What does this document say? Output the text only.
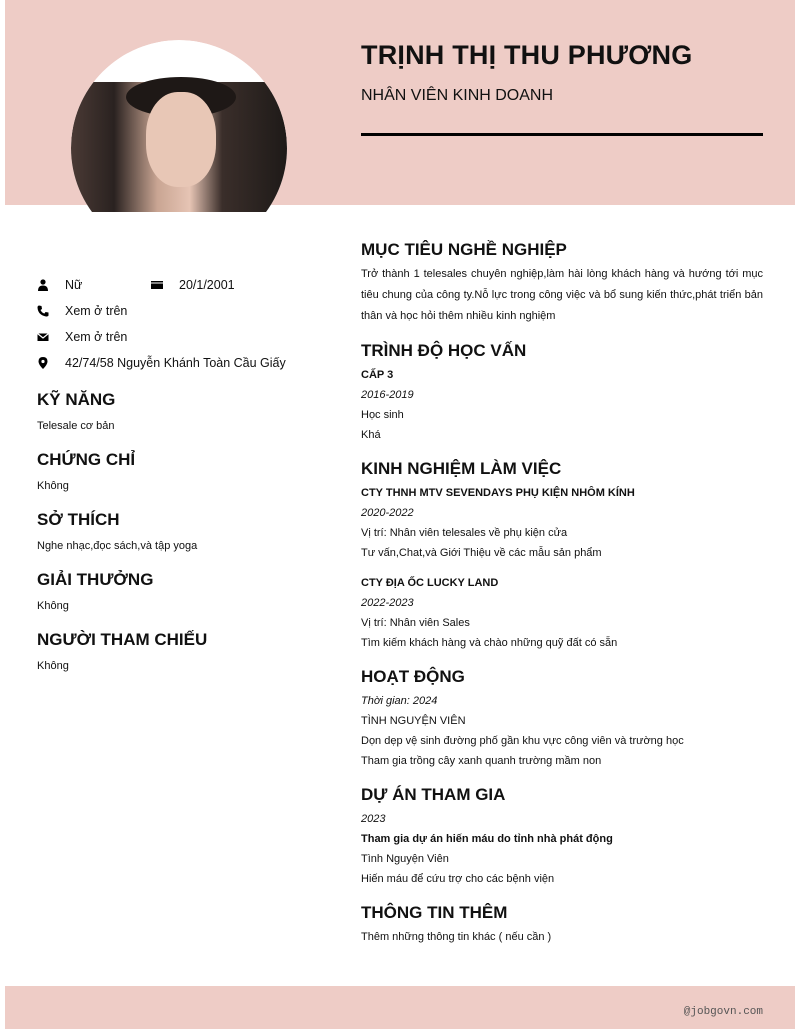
TRỊNH THỊ THU PHƯƠNG
NHÂN VIÊN KINH DOANH
Nữ	20/1/2001
Xem ở trên
Xem ở trên
42/74/58 Nguyễn Khánh Toàn Cầu Giấy
KỸ NĂNG
Telesale cơ bản
CHỨNG CHỈ
Không
SỞ THÍCH
Nghe nhạc,đọc sách,và tập yoga
GIẢI THƯỞNG
Không
NGƯỜI THAM CHIẾU
Không
MỤC TIÊU NGHỀ NGHIỆP
Trở thành 1 telesales chuyên nghiệp,làm hài lòng khách hàng và hướng tới mục tiêu chung của công ty.Nỗ lực trong công việc và bổ sung kiến thức,phát triển bản thân và học hỏi thêm nhiều kinh nghiệm
TRÌNH ĐỘ HỌC VẤN
CẤP 3
2016-2019
Học sinh
Khá
KINH NGHIỆM LÀM VIỆC
CTY THNH MTV SEVENDAYS PHỤ KIỆN NHÔM KÍNH
2020-2022
Vị trí: Nhân viên telesales về phụ kiện cửa
Tư vấn,Chat,và Giới Thiệu về các mẫu sản phẩm
CTY ĐỊA ỐC LUCKY LAND
2022-2023
Vị trí: Nhân viên Sales
Tìm kiếm khách hàng và chào những quỹ đất có sẵn
HOẠT ĐỘNG
Thời gian: 2024
TÌNH NGUYỆN VIÊN
Dọn dẹp vệ sinh đường phố gần khu vực công viên và trường học
Tham gia trồng cây xanh quanh trường mầm non
DỰ ÁN THAM GIA
2023
Tham gia dự án hiến máu do tỉnh nhà phát động
Tình Nguyện Viên
Hiến máu để cứu trợ cho các bệnh viện
THÔNG TIN THÊM
Thêm những thông tin khác ( nếu cần )
@jobgovn.com
